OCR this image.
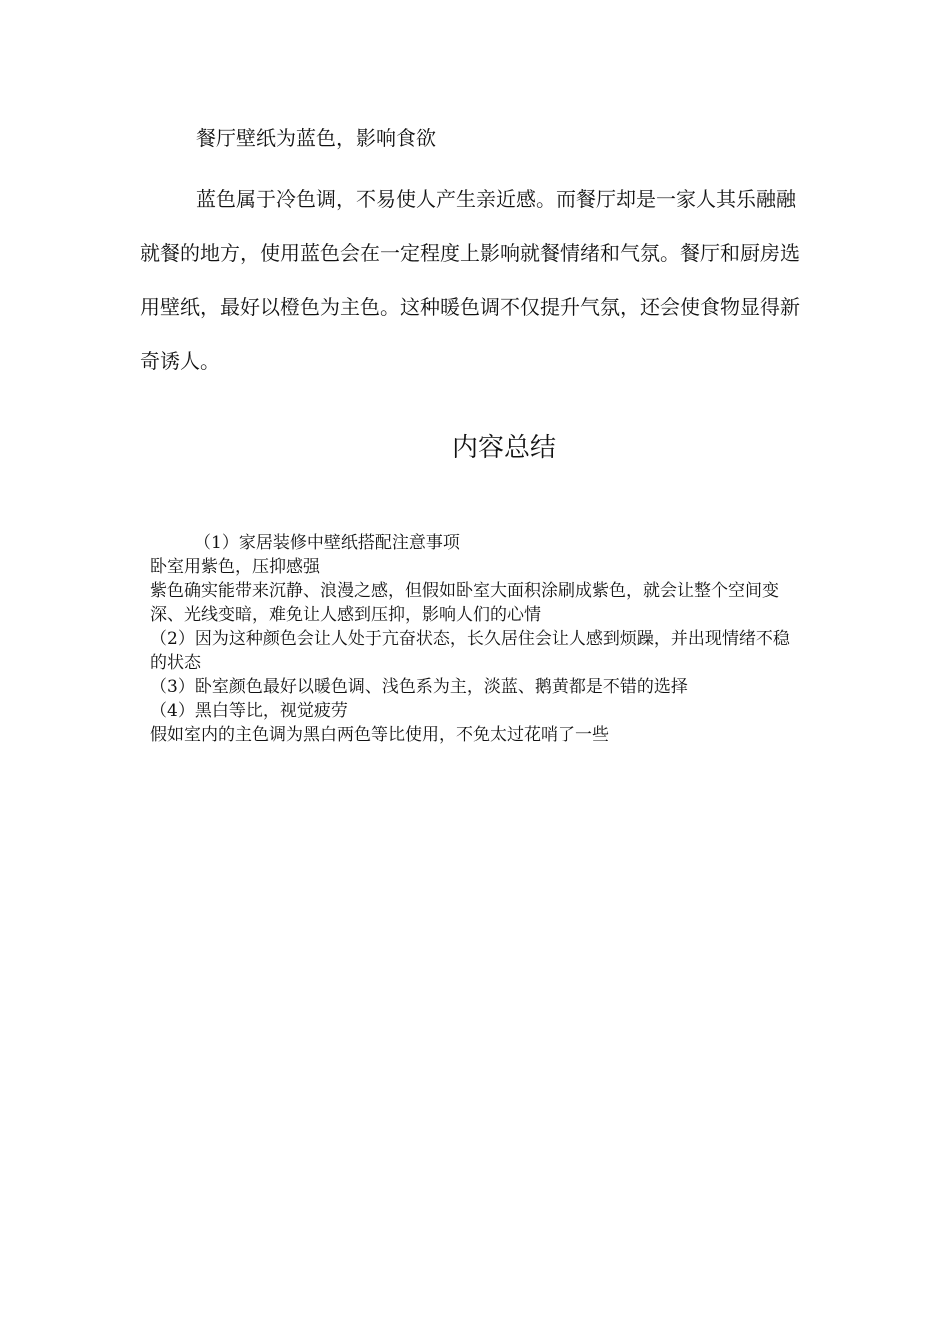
餐厅壁纸为蓝色，影响食欲

蓝色属于冷色调，不易使人产生亲近感。而餐厅却是一家人其乐融融就餐的地方，使用蓝色会在一定程度上影响就餐情绪和气氛。餐厅和厨房选用壁纸，最好以橙色为主色。这种暖色调不仅提升气氛，还会使食物显得新奇诱人。

内容总结

（1）家居装修中壁纸搭配注意事项

卧室用紫色，压抑感强

紫色确实能带来沉静、浪漫之感，但假如卧室大面积涂刷成紫色，就会让整个空间变深、光线变暗，难免让人感到压抑，影响人们的心情

（2）因为这种颜色会让人处于亢奋状态，长久居住会让人感到烦躁，并出现情绪不稳的状态

（3）卧室颜色最好以暖色调、浅色系为主，淡蓝、鹅黄都是不错的选择

（4）黑白等比，视觉疲劳

假如室内的主色调为黑白两色等比使用，不免太过花哨了一些
